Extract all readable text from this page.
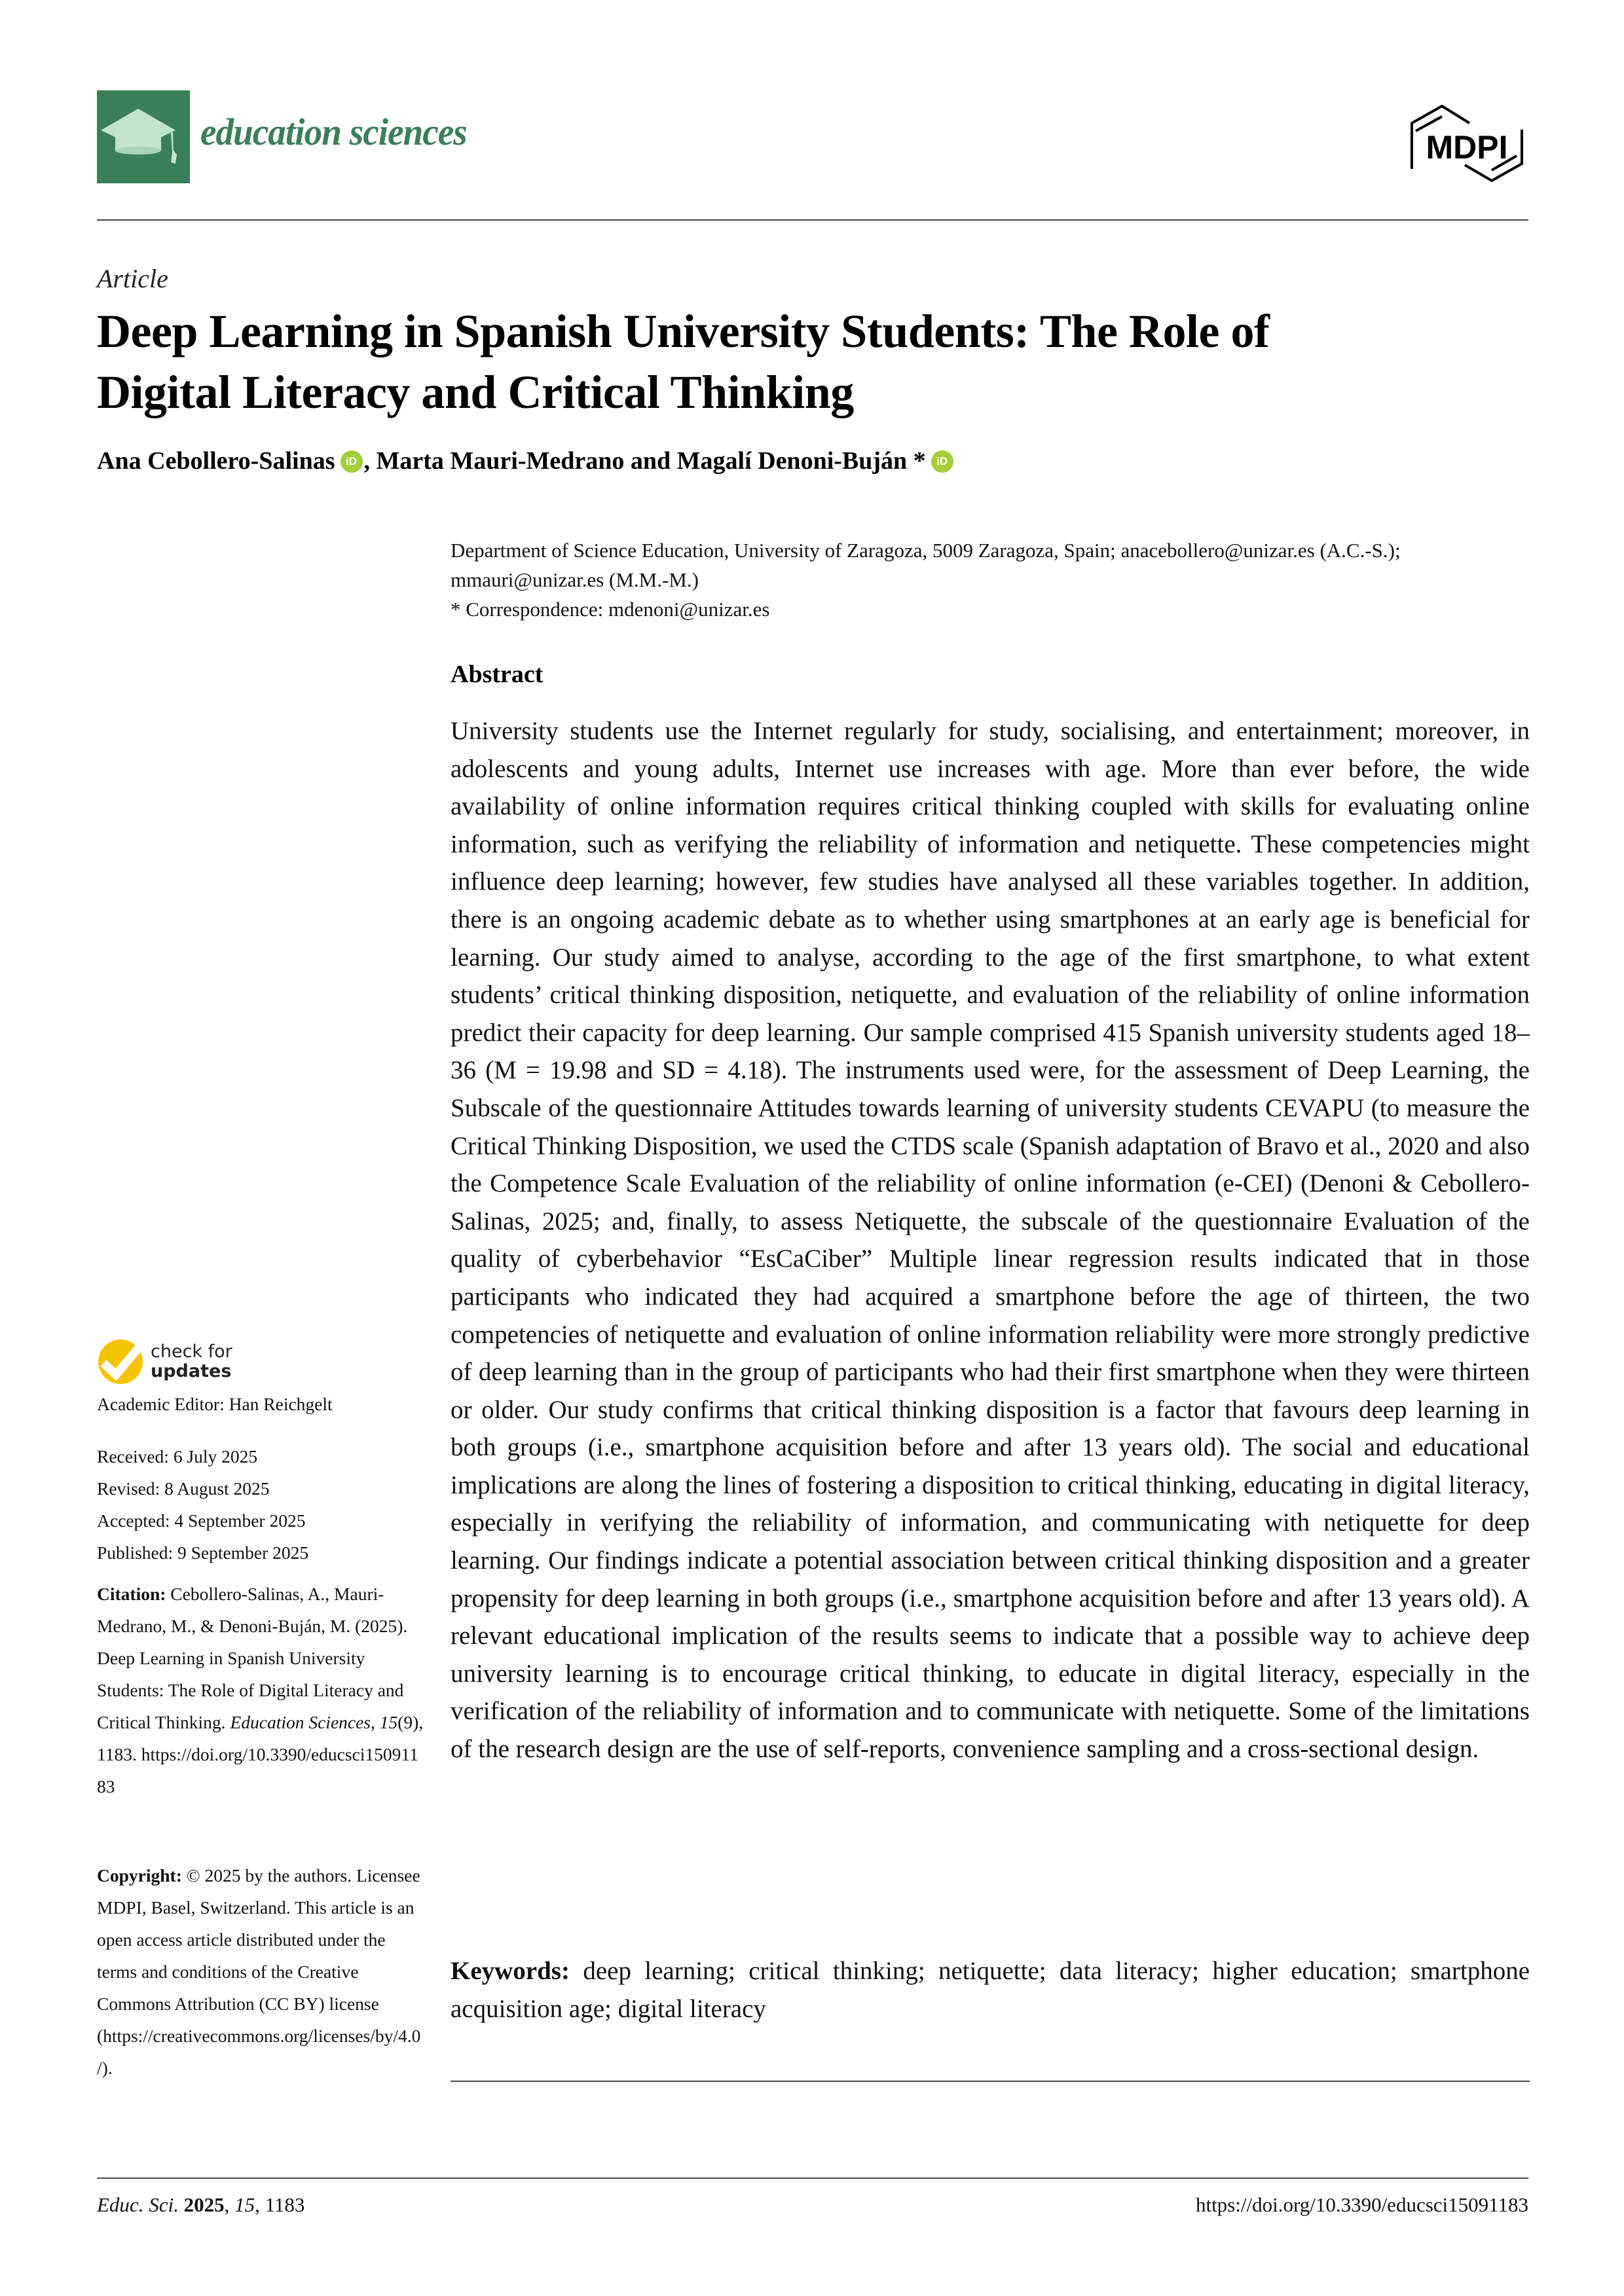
education sciences	MDPI
Article
Deep Learning in Spanish University Students: The Role of Digital Literacy and Critical Thinking
Ana Cebollero-Salinas iD , Marta Mauri-Medrano and Magalí Denoni-Buján * iD
Department of Science Education, University of Zaragoza, 5009 Zaragoza, Spain; anacebollero@unizar.es (A.C.-S.); mmauri@unizar.es (M.M.-M.)
* Correspondence: mdenoni@unizar.es
Abstract

University students use the Internet regularly for study, socialising, and entertainment; moreover, in adolescents and young adults, Internet use increases with age. More than ever before, the wide availability of online information requires critical thinking coupled with skills for evaluating online information, such as verifying the reliability of information and netiquette. These competencies might influence deep learning; however, few studies have analysed all these variables together. In addition, there is an ongoing academic debate as to whether using smartphones at an early age is beneficial for learning. Our study aimed to analyse, according to the age of the first smartphone, to what extent students’ critical thinking disposition, netiquette, and evaluation of the reliability of online information predict their capacity for deep learning. Our sample comprised 415 Spanish university students aged 18–36 (M = 19.98 and SD = 4.18). The instruments used were, for the assessment of Deep Learning, the Subscale of the questionnaire Attitudes towards learning of university students CEVAPU (to measure the Critical Thinking Disposition, we used the CTDS scale (Spanish adaptation of Bravo et al., 2020 and also the Competence Scale Evaluation of the reliability of online information (e-CEI) (Denoni & Cebollero-Salinas, 2025; and, finally, to assess Netiquette, the subscale of the questionnaire Evaluation of the quality of cyberbehavior “EsCaCiber” Multiple linear regression results indicated that in those participants who indicated they had acquired a smartphone before the age of thirteen, the two competencies of netiquette and evaluation of online information reliability were more strongly predictive of deep learning than in the group of participants who had their first smartphone when they were thirteen or older. Our study confirms that critical thinking disposition is a factor that favours deep learning in both groups (i.e., smartphone acquisition before and after 13 years old). The social and educational implications are along the lines of fostering a disposition to critical thinking, educating in digital literacy, especially in verifying the reliability of information, and communicating with netiquette for deep learning. Our findings indicate a potential association between critical thinking disposition and a greater propensity for deep learning in both groups (i.e., smartphone acquisition before and after 13 years old). A relevant educational implication of the results seems to indicate that a possible way to achieve deep university learning is to encourage critical thinking, to educate in digital literacy, especially in the verification of the reliability of information and to communicate with netiquette. Some of the limitations of the research design are the use of self-reports, convenience sampling and a cross-sectional design.

Keywords: deep learning; critical thinking; netiquette; data literacy; higher education; smartphone acquisition age; digital literacy

check for
updates
Academic Editor: Han Reichgelt
Received: 6 July 2025
Revised: 8 August 2025
Accepted: 4 September 2025
Published: 9 September 2025
Citation: Cebollero-Salinas, A., Mauri-Medrano, M., & Denoni-Buján, M. (2025). Deep Learning in Spanish University Students: The Role of Digital Literacy and Critical Thinking. Education Sciences, 15(9), 1183. https://doi.org/10.3390/educsci15091183
Copyright: © 2025 by the authors. Licensee MDPI, Basel, Switzerland. This article is an open access article distributed under the terms and conditions of the Creative Commons Attribution (CC BY) license (https://creativecommons.org/licenses/by/4.0/).
Educ. Sci. 2025, 15, 1183	https://doi.org/10.3390/educsci15091183
